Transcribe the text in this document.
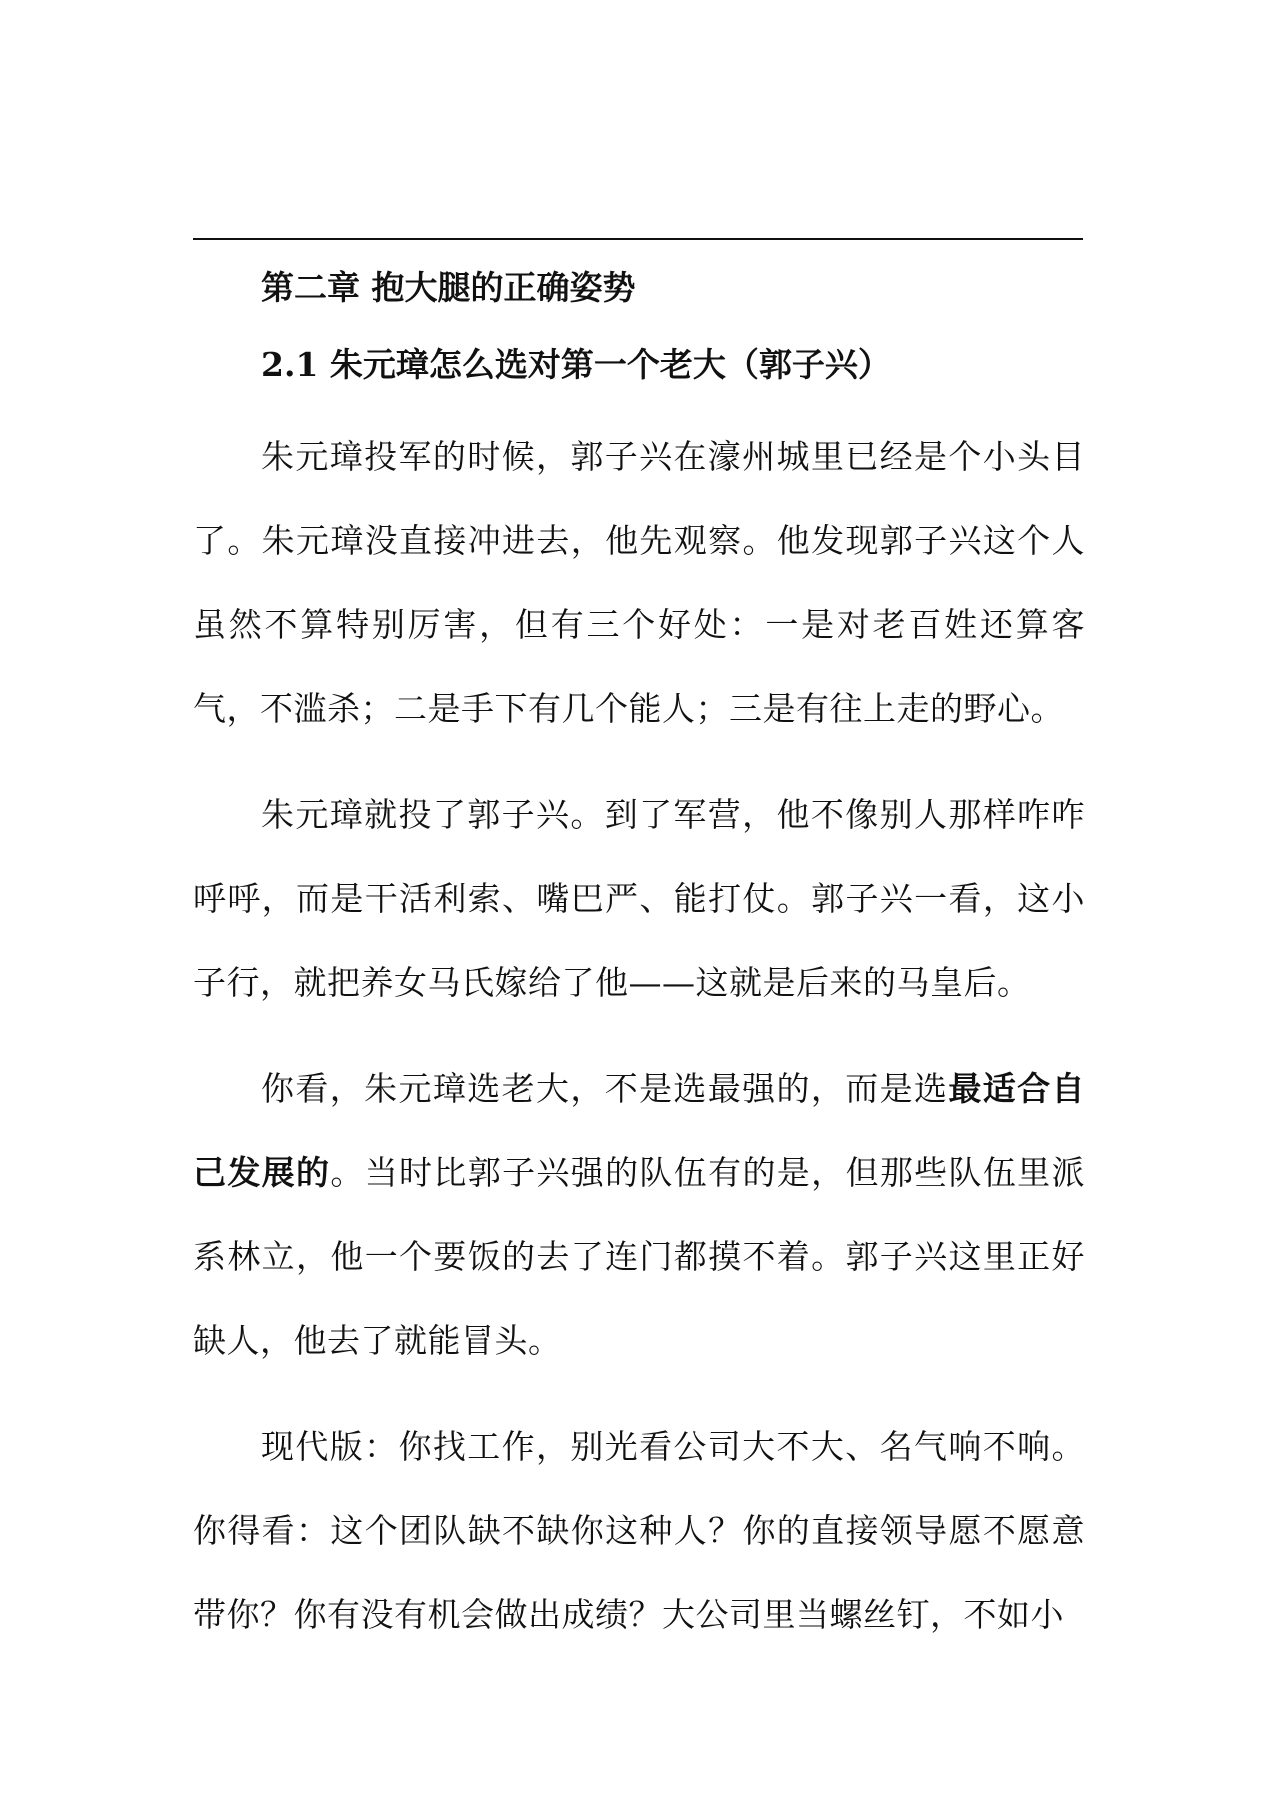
第二章 抱大腿的正确姿势
2.1 朱元璋怎么选对第一个老大（郭子兴）

朱元璋投军的时候，郭子兴在濠州城里已经是个小头目了。朱元璋没直接冲进去，他先观察。他发现郭子兴这个人虽然不算特别厉害，但有三个好处：一是对老百姓还算客气，不滥杀；二是手下有几个能人；三是有往上走的野心。

朱元璋就投了郭子兴。到了军营，他不像别人那样咋咋呼呼，而是干活利索、嘴巴严、能打仗。郭子兴一看，这小子行，就把养女马氏嫁给了他——这就是后来的马皇后。

你看，朱元璋选老大，不是选最强的，而是选最适合自己发展的。当时比郭子兴强的队伍有的是，但那些队伍里派系林立，他一个要饭的去了连门都摸不着。郭子兴这里正好缺人，他去了就能冒头。

现代版：你找工作，别光看公司大不大、名气响不响。你得看：这个团队缺不缺你这种人？你的直接领导愿不愿意带你？你有没有机会做出成绩？大公司里当螺丝钉，不如小
